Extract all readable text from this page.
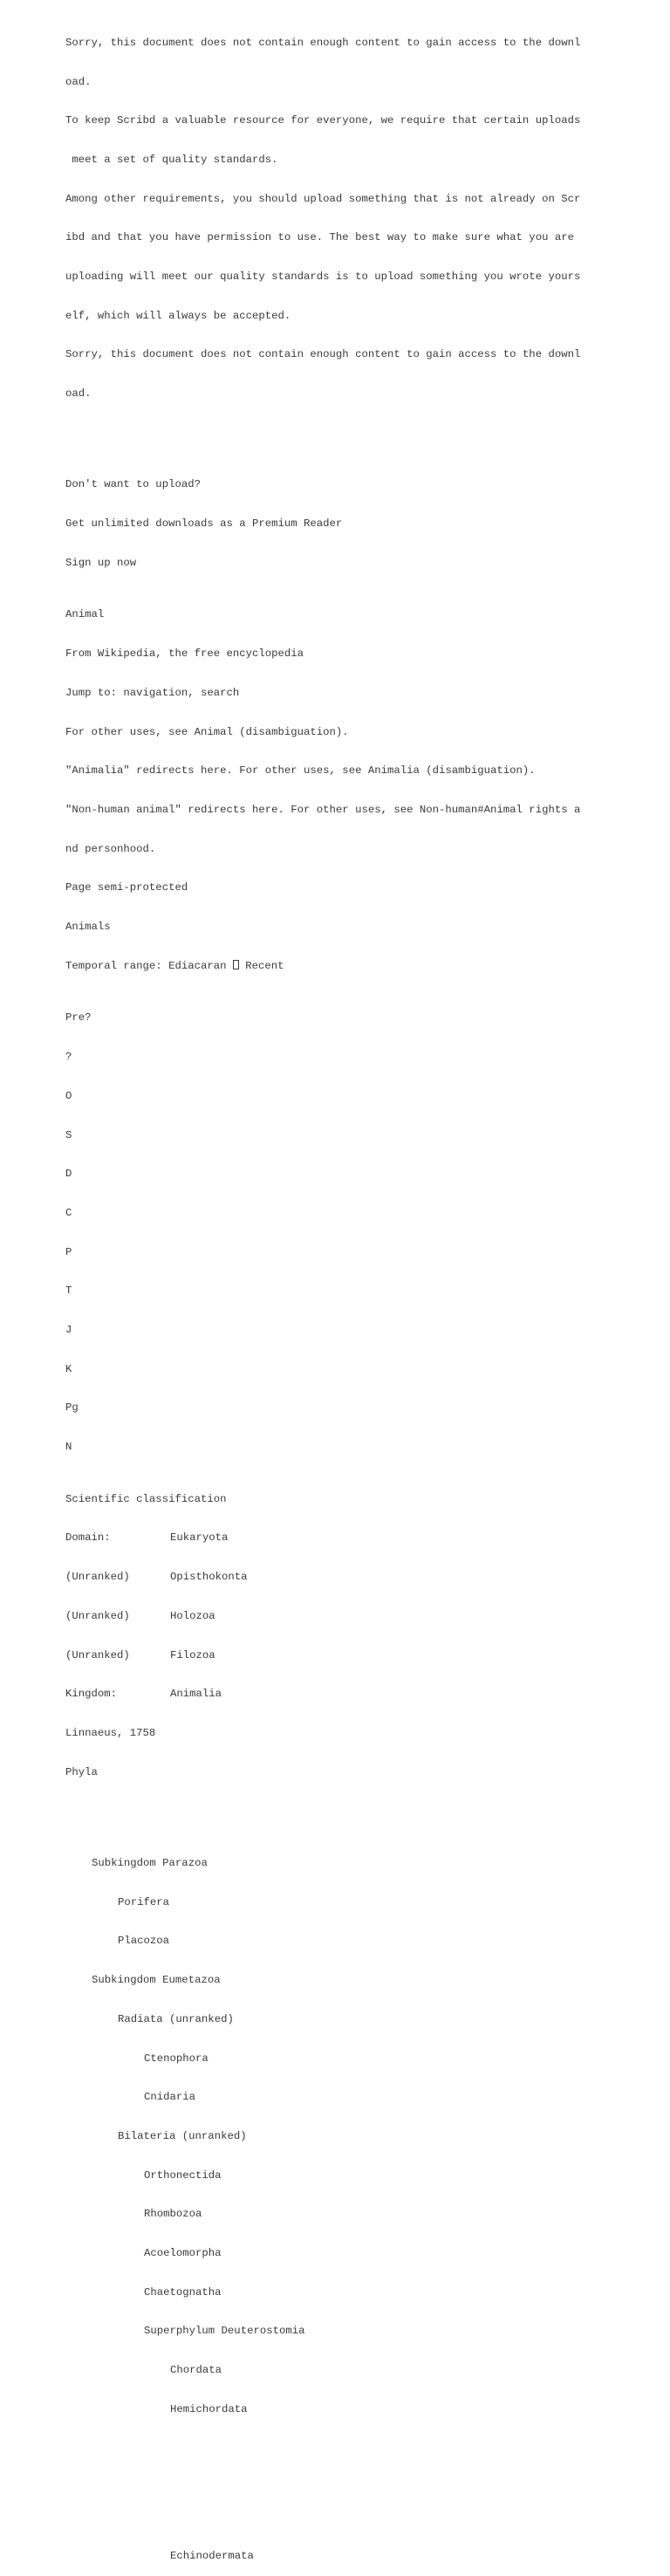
Sorry, this document does not contain enough content to gain access to the downl

oad.

To keep Scribd a valuable resource for everyone, we require that certain uploads

meet a set of quality standards.

Among other requirements, you should upload something that is not already on Scr

ibd and that you have permission to use. The best way to make sure what you are

uploading will meet our quality standards is to upload something you wrote yours

elf, which will always be accepted.

Sorry, this document does not contain enough content to gain access to the downl

oad.

Don't want to upload?

Get unlimited downloads as a Premium Reader

Sign up now

Animal

From Wikipedia, the free encyclopedia

Jump to: navigation, search

For other uses, see Animal (disambiguation).

"Animalia" redirects here. For other uses, see Animalia (disambiguation).

"Non-human animal" redirects here. For other uses, see Non-human#Animal rights a

nd personhood.

Page semi-protected

Animals

Temporal range: Ediacaran  Recent

Pre?

?

O

S

D

C

P

T

J

K

Pg

N

Scientific classification

Domain:	Eukaryota

(Unranked)	Opisthokonta

(Unranked)	Holozoa

(Unranked)	Filozoa

Kingdom:	Animalia

Linnaeus, 1758

Phyla

Subkingdom Parazoa

Porifera

Placozoa

Subkingdom Eumetazoa

Radiata (unranked)

Ctenophora

Cnidaria

Bilateria (unranked)

Orthonectida

Rhombozoa

Acoelomorpha

Chaetognatha

Superphylum Deuterostomia

Chordata

Hemichordata

Echinodermata
